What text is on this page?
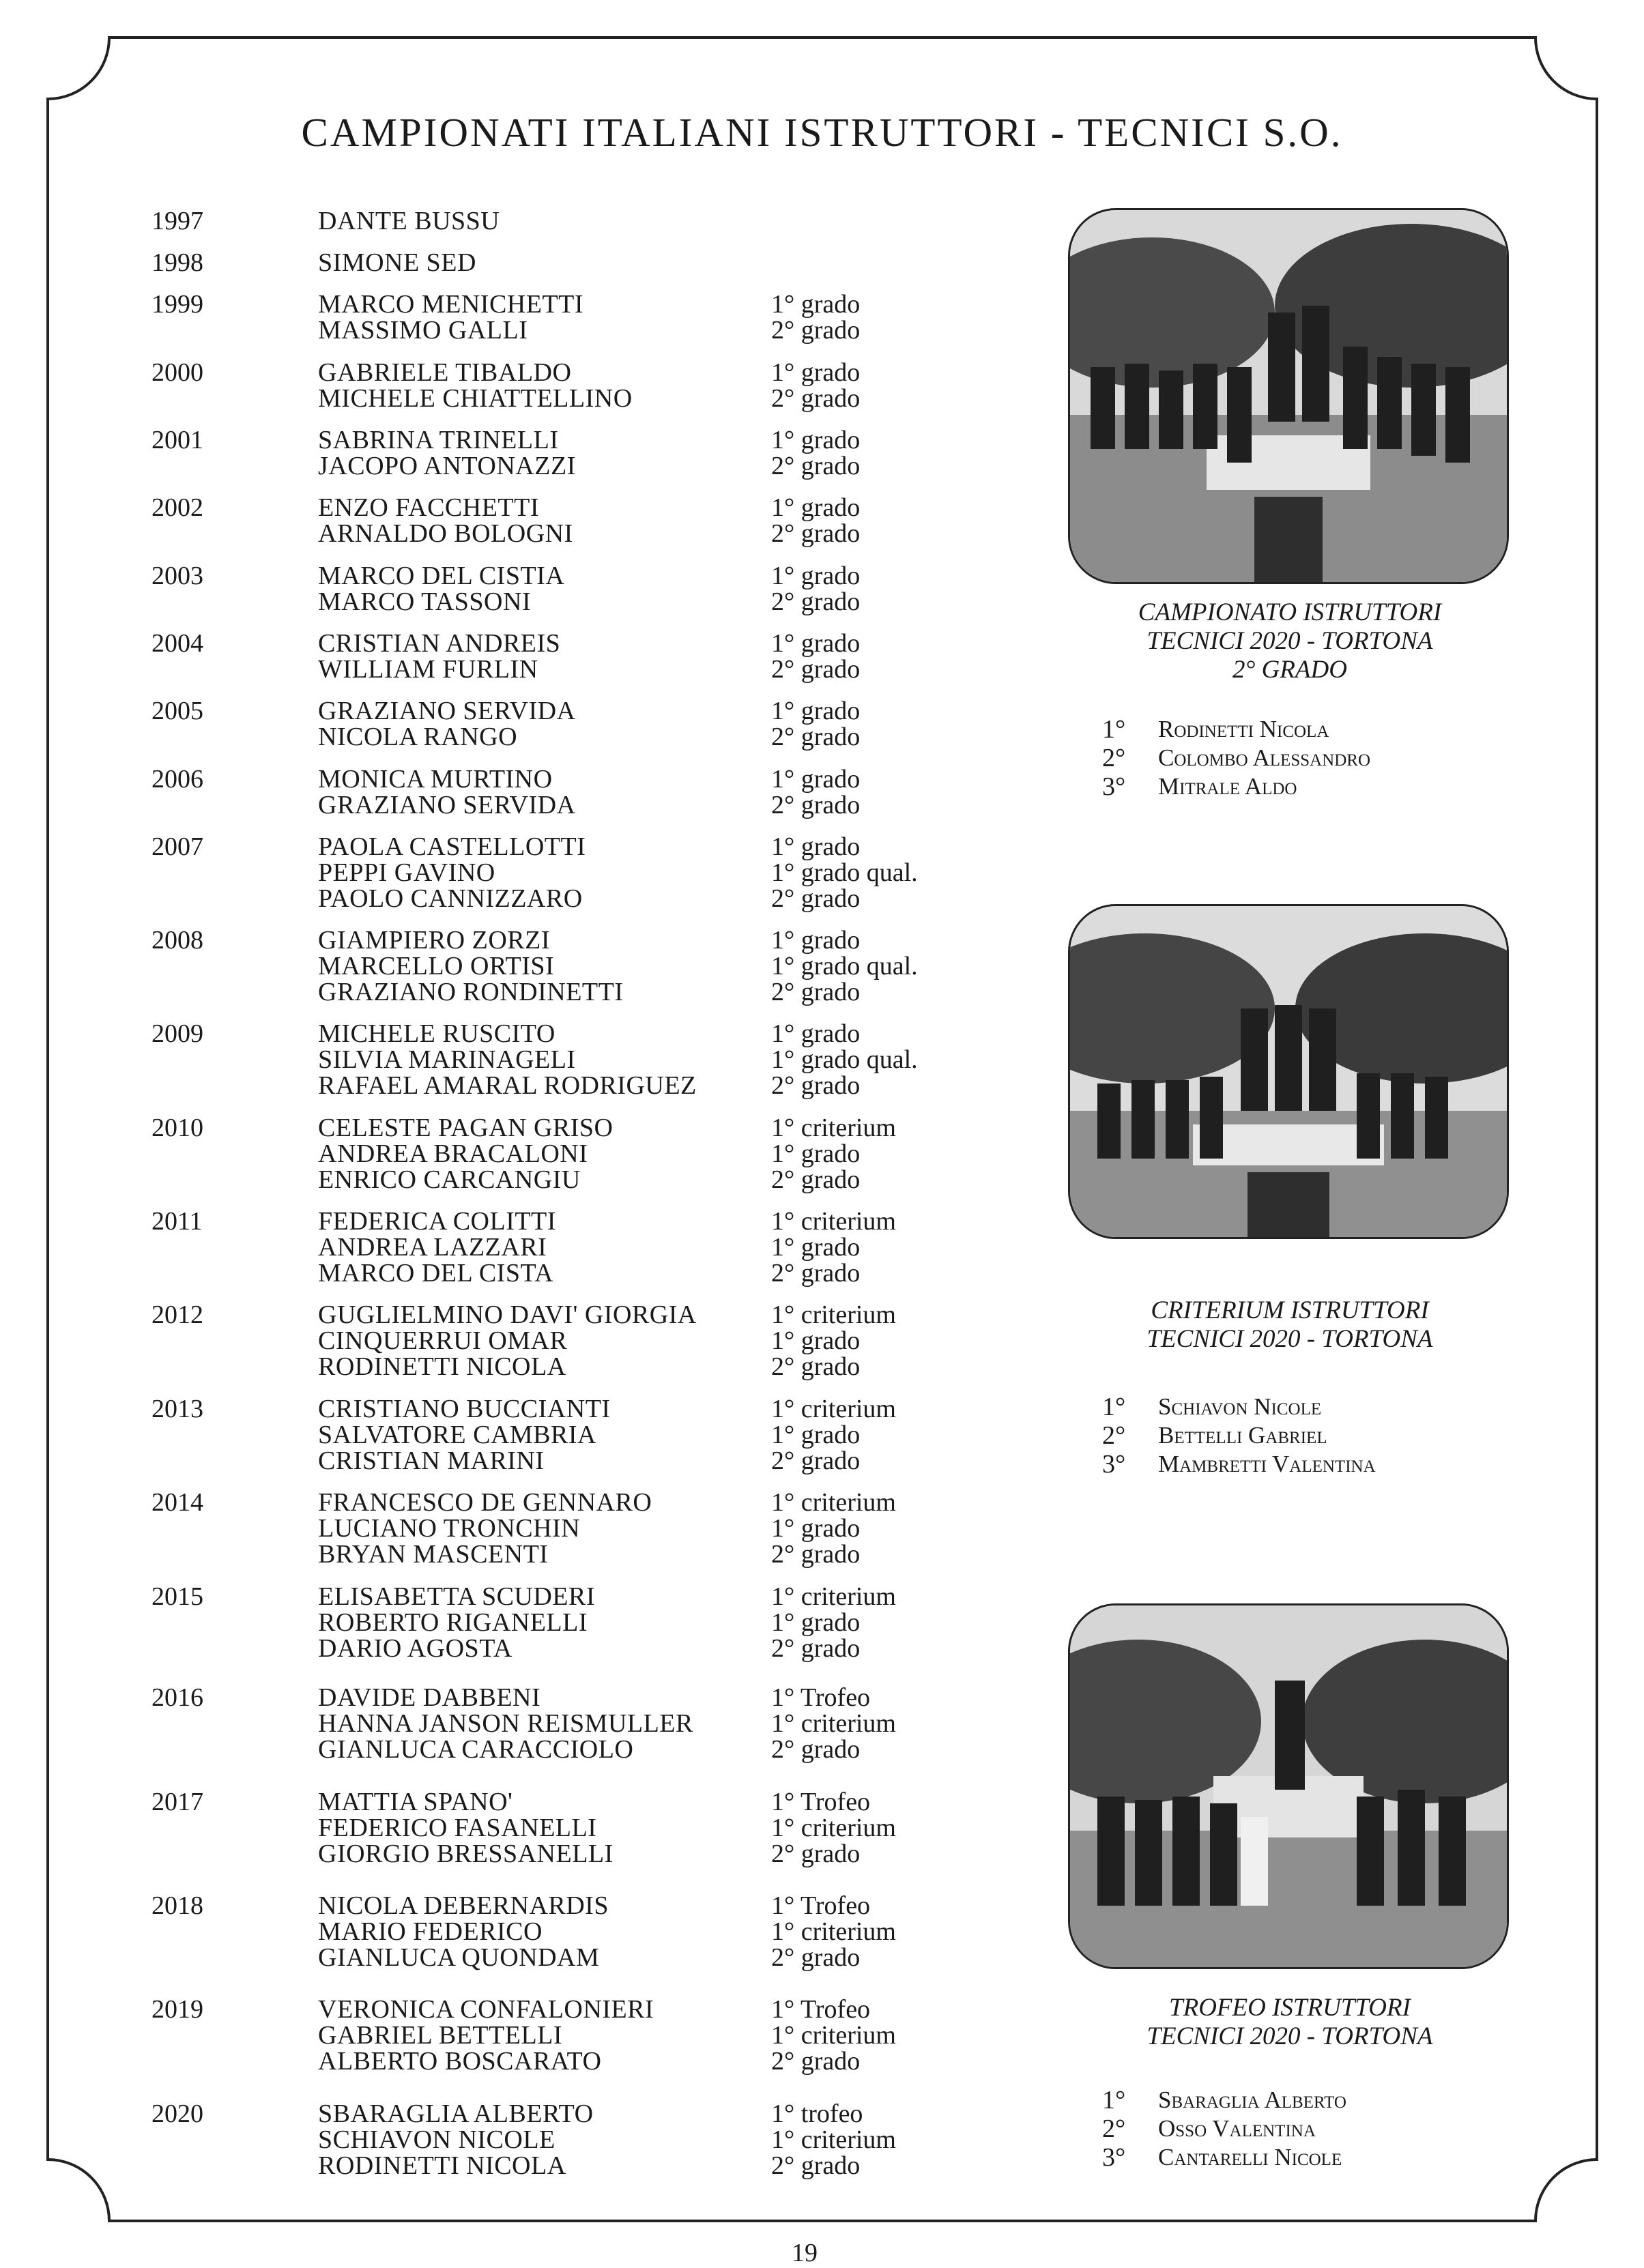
CAMPIONATI ITALIANI ISTRUTTORI - TECNICI S.O.
1997	DANTE BUSSU
1998	SIMONE SED
1999	MARCO MENICHETTI	1° grado
MASSIMO GALLI	2° grado
2000	GABRIELE TIBALDO	1° grado
MICHELE CHIATTELLINO	2° grado
2001	SABRINA TRINELLI	1° grado
JACOPO ANTONAZZI	2° grado
2002	ENZO FACCHETTI	1° grado
ARNALDO BOLOGNI	2° grado
2003	MARCO DEL CISTIA	1° grado
MARCO TASSONI	2° grado
2004	CRISTIAN ANDREIS	1° grado
WILLIAM FURLIN	2° grado
2005	GRAZIANO SERVIDA	1° grado
NICOLA RANGO	2° grado
2006	MONICA MURTINO	1° grado
GRAZIANO SERVIDA	2° grado
2007	PAOLA CASTELLOTTI	1° grado
PEPPI GAVINO	1° grado qual.
PAOLO CANNIZZARO	2° grado
2008	GIAMPIERO ZORZI	1° grado
MARCELLO ORTISI	1° grado qual.
GRAZIANO RONDINETTI	2° grado
2009	MICHELE RUSCITO	1° grado
SILVIA MARINAGELI	1° grado qual.
RAFAEL AMARAL RODRIGUEZ	2° grado
2010	CELESTE PAGAN GRISO	1° criterium
ANDREA BRACALONI	1° grado
ENRICO CARCANGIU	2° grado
2011	FEDERICA COLITTI	1° criterium
ANDREA LAZZARI	1° grado
MARCO DEL CISTA	2° grado
2012	GUGLIELMINO DAVI' GIORGIA	1° criterium
CINQUERRUI OMAR	1° grado
RODINETTI NICOLA	2° grado
2013	CRISTIANO BUCCIANTI	1° criterium
SALVATORE CAMBRIA	1° grado
CRISTIAN MARINI	2° grado
2014	FRANCESCO DE GENNARO	1° criterium
LUCIANO TRONCHIN	1° grado
BRYAN MASCENTI	2° grado
2015	ELISABETTA SCUDERI	1° criterium
ROBERTO RIGANELLI	1° grado
DARIO AGOSTA	2° grado
2016	DAVIDE DABBENI	1° Trofeo
HANNA JANSON REISMULLER	1° criterium
GIANLUCA CARACCIOLO	2° grado
2017	MATTIA SPANO'	1° Trofeo
FEDERICO FASANELLI	1° criterium
GIORGIO BRESSANELLI	2° grado
2018	NICOLA DEBERNARDIS	1° Trofeo
MARIO FEDERICO	1° criterium
GIANLUCA QUONDAM	2° grado
2019	VERONICA CONFALONIERI	1° Trofeo
GABRIEL BETTELLI	1° criterium
ALBERTO BOSCARATO	2° grado
2020	SBARAGLIA ALBERTO	1° trofeo
SCHIAVON NICOLE	1° criterium
RODINETTI NICOLA	2° grado
CAMPIONATO ISTRUTTORI
TECNICI 2020 - TORTONA
2° GRADO
1° Rodinetti Nicola
2° Colombo Alessandro
3° Mitrale Aldo
CRITERIUM ISTRUTTORI
TECNICI 2020 - TORTONA
1° Schiavon Nicole
2° Bettelli Gabriel
3° Mambretti Valentina
TROFEO ISTRUTTORI
TECNICI 2020 - TORTONA
1° Sbaraglia Alberto
2° Osso Valentina
3° Cantarelli Nicole
19
